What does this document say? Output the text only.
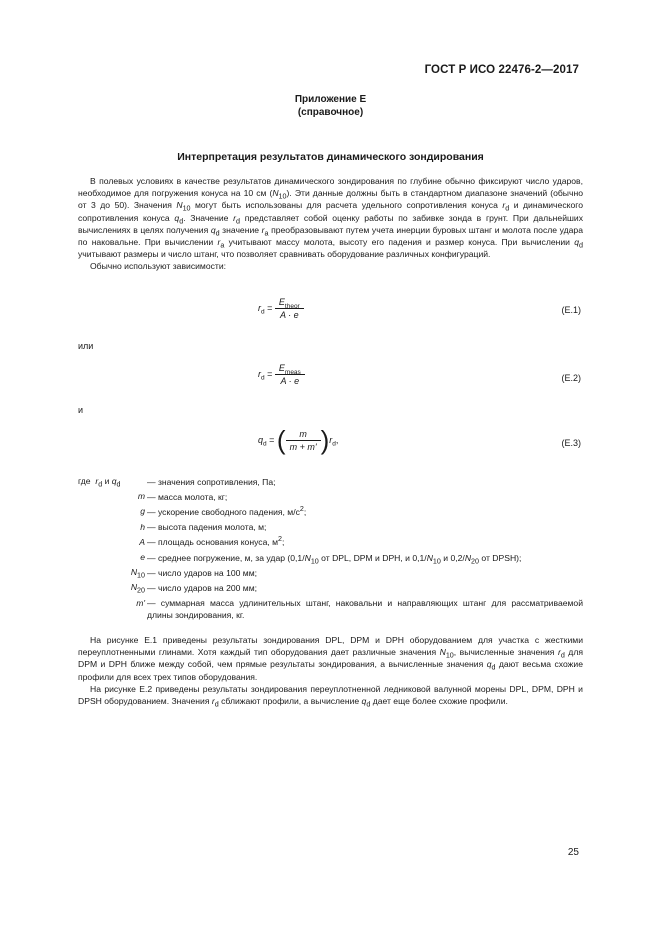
ГОСТ Р ИСО 22476-2—2017
Приложение Е
(справочное)
Интерпретация результатов динамического зондирования

В полевых условиях в качестве результатов динамического зондирования по глубине обычно фиксируют число ударов, необходимое для погружения конуса на 10 см $(N_{10})$. Эти данные должны быть в стандартном диапазоне значений (обычно от 3 до 50). Значения $N_{10}$ могут быть использованы для расчета удельного сопротивления конуса $r_d$ и динамического сопротивления конуса $q_d$. Значение $r_d$ представляет собой оценку работы по забивке зонда в грунт. При дальнейших вычислениях в целях получения $q_d$ значение $r_a$ преобразовывают путем учета инерции буровых штанг и молота после удара по наковальне. При вычислении $r_a$ учитывают массу молота, высоту его падения и размер конуса. При вычислении $q_d$ учитывают размеры и число штанг, что позволяет сравнивать оборудование различных конфигураций.

Обычно используют зависимости:

$r_d = \frac{E_{theor}}{A \cdot e}$	(E.1)
или
$r_d = \frac{E_{meas}}{A \cdot e}$	(E.2)
и
$q_d$ = ( $\frac{m}{m + m'} )r_d$,	(E.3)
где $r_d$ и $q_d$	— значения сопротивления, Па;
m — масса молота, кг;
g — ускорение свободного падения, $м/с^2$;
h — высота падения молота, м;
A — площадь основания конуса, $м^2$;
e — среднее погружение, м, за удар ($0,1/N_{10}$ от DPL, DPM и DPH, и $0,1/N_{10}$ и $0,2/N_{20}$ от DPSH);
$N_{10}$ — число ударов на 100 мм;
$N_{20}$ — число ударов на 200 мм;
m' — суммарная масса удлинительных штанг, наковальни и направляющих штанг для рассматриваемой длины зондирования, кг.

На рисунке Е.1 приведены результаты зондирования DPL, DPM и DPH оборудованием для участка с жесткими переуплотненными глинами. Хотя каждый тип оборудования дает различные значения $N_{10}$, вычисленные значения $r_d$ для DPM и DPH ближе между собой, чем прямые результаты зондирования, а вычисленные значения $q_d$ дают весьма схожие профили для всех трех типов оборудования.

На рисунке Е.2 приведены результаты зондирования переуплотненной ледниковой валунной морены DPL, DPM, DPH и DPSH оборудованием. Значения $r_d$ сближают профили, а вычисление $q_d$ дает еще более схожие профили.

25
